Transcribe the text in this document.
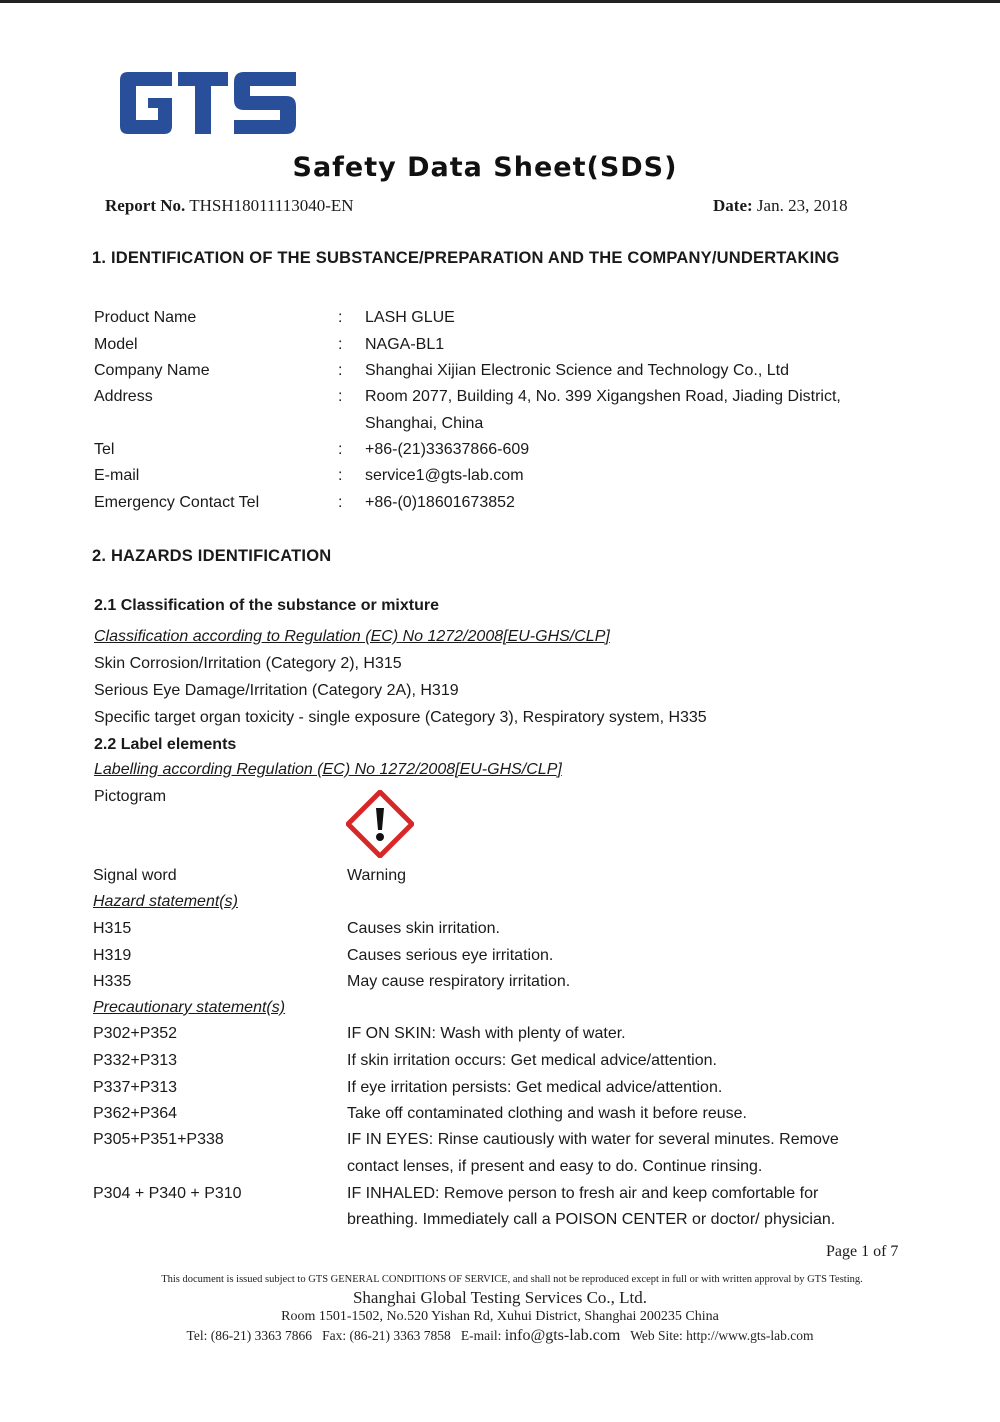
Safety Data Sheet(SDS)
Report No. THSH18011113040-EN	Date: Jan. 23, 2018
1. IDENTIFICATION OF THE SUBSTANCE/PREPARATION AND THE COMPANY/UNDERTAKING
Product Name	: LASH GLUE
Model	: NAGA-BL1
Company Name	: Shanghai Xijian Electronic Science and Technology Co., Ltd
Address	: Room 2077, Building 4, No. 399 Xigangshen Road, Jiading District,
Shanghai, China
Tel	: +86-(21)33637866-609
E-mail	: service1@gts-lab.com
Emergency Contact Tel	: +86-(0)18601673852
2. HAZARDS IDENTIFICATION
2.1 Classification of the substance or mixture
Classification according to Regulation (EC) No 1272/2008[EU-GHS/CLP]
Skin Corrosion/Irritation (Category 2), H315
Serious Eye Damage/Irritation (Category 2A), H319
Specific target organ toxicity - single exposure (Category 3), Respiratory system, H335
2.2 Label elements
Labelling according Regulation (EC) No 1272/2008[EU-GHS/CLP]
Pictogram
Signal word	Warning
Hazard statement(s)
H315	Causes skin irritation.
H319	Causes serious eye irritation.
H335	May cause respiratory irritation.
Precautionary statement(s)
P302+P352	IF ON SKIN: Wash with plenty of water.
P332+P313	If skin irritation occurs: Get medical advice/attention.
P337+P313	If eye irritation persists: Get medical advice/attention.
P362+P364	Take off contaminated clothing and wash it before reuse.
P305+P351+P338	IF IN EYES: Rinse cautiously with water for several minutes. Remove
contact lenses, if present and easy to do. Continue rinsing.
P304 + P340 + P310	IF INHALED: Remove person to fresh air and keep comfortable for
breathing. Immediately call a POISON CENTER or doctor/ physician.
Page 1 of 7
This document is issued subject to GTS GENERAL CONDITIONS OF SERVICE, and shall not be reproduced except in full or with written approval by GTS Testing.
Shanghai Global Testing Services Co., Ltd.
Room 1501-1502, No.520 Yishan Rd, Xuhui District, Shanghai 200235 China
Tel: (86-21) 3363 7866 Fax: (86-21) 3363 7858 E-mail: info@gts-lab.com Web Site: http://www.gts-lab.com
